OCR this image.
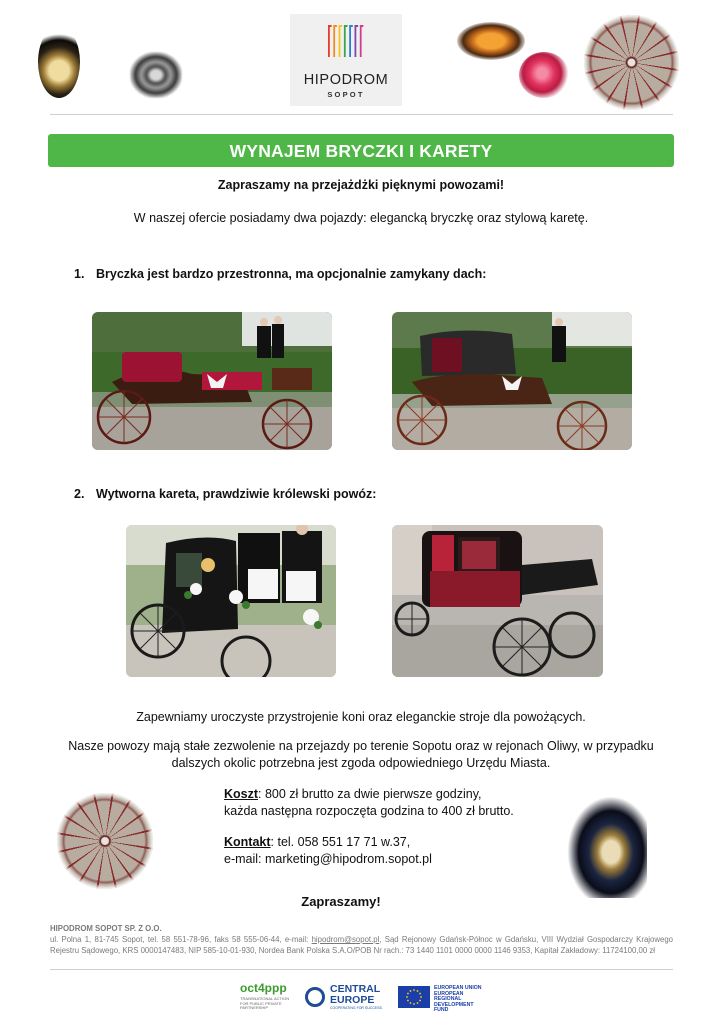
HIPODROM
SOPOT
WYNAJEM BRYCZKI I KARETY
Zapraszamy na przejażdżki pięknymi powozami!
W naszej ofercie posiadamy dwa pojazdy: elegancką bryczkę oraz stylową karetę.
1. Bryczka jest bardzo przestronna, ma opcjonalnie zamykany dach:
2. Wytworna kareta, prawdziwie królewski powóz:
Zapewniamy uroczyste przystrojenie koni oraz eleganckie stroje dla powożących.
Nasze powozy mają stałe zezwolenie na przejazdy po terenie Sopotu oraz w rejonach Oliwy, w przypadku dalszych okolic potrzebna jest zgoda odpowiedniego Urzędu Miasta.
Koszt: 800 zł brutto za dwie pierwsze godziny,
każda następna rozpoczęta godzina to 400 zł brutto.
Kontakt: tel. 058 551 17 71 w.37,
e-mail: marketing@hipodrom.sopot.pl
Zapraszamy!
HIPODROM SOPOT SP. Z O.O.
ul. Polna 1, 81-745 Sopot, tel. 58 551-78-96, faks 58 555-06-44, e-mail: hipodrom@sopot.pl, Sąd Rejonowy Gdańsk-Północ w Gdańsku, VIII Wydział Gospodarczy Krajowego Rejestru Sądowego, KRS 0000147483, NIP 585-10-01-930, Nordea Bank Polska S.A.O/POB Nr rach.: 73 1440 1101 0000 0000 1146 9353, Kapitał Zakładowy: 11724100,00 zł
oct4ppp
TRANSNATIONAL ACTION FOR PUBLIC PRIVATE PARTNERSHIP
CENTRAL
EUROPE
COOPERATING FOR SUCCESS.
EUROPEAN UNION
EUROPEAN REGIONAL
DEVELOPMENT FUND
